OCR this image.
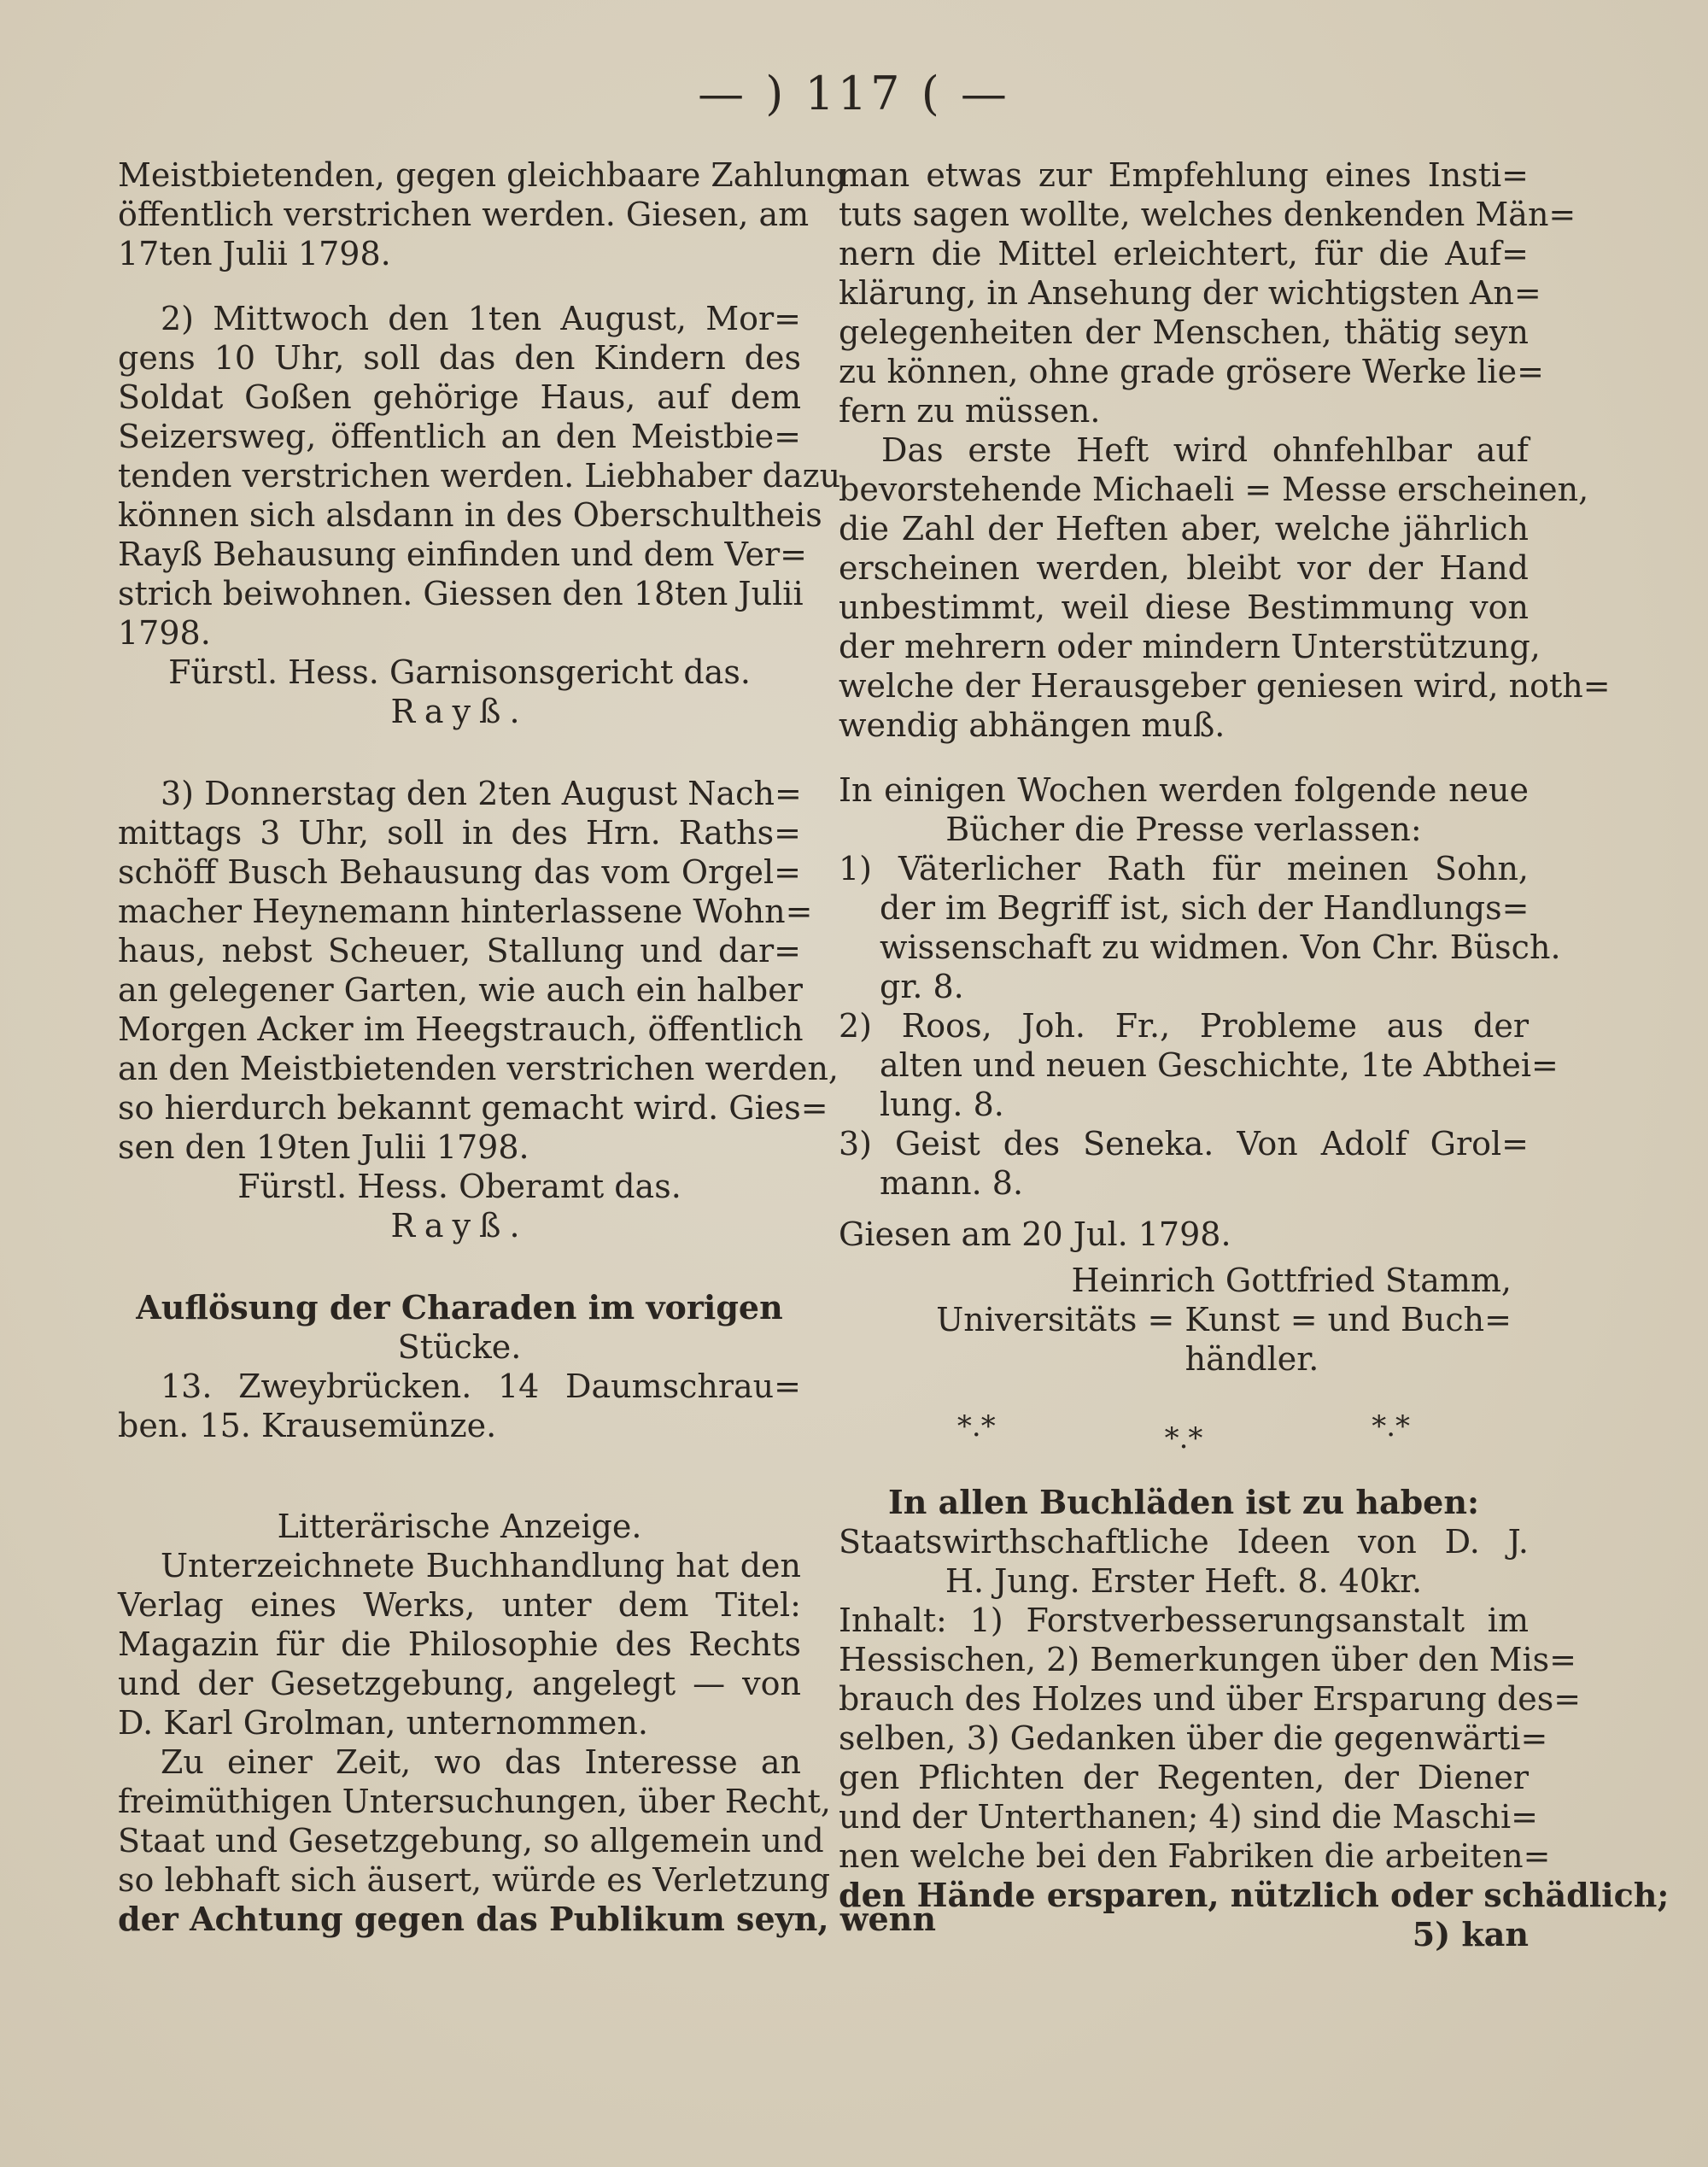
— ) 117 ( —
Meistbietenden, gegen gleichbaare Zahlung
öffentlich verstrichen werden. Giesen, am
17ten Julii 1798.
2) Mittwoch den 1ten August, Mor=
gens 10 Uhr, soll das den Kindern des
Soldat Goßen gehörige Haus, auf dem
Seizersweg, öffentlich an den Meistbie=
tenden verstrichen werden. Liebhaber dazu
können sich alsdann in des Oberschultheis
Rayß Behausung einfinden und dem Ver=
strich beiwohnen. Giessen den 18ten Julii
1798.
Fürstl. Hess. Garnisonsgericht das.
Rayß.
3) Donnerstag den 2ten August Nach=
mittags 3 Uhr, soll in des Hrn. Raths=
schöff Busch Behausung das vom Orgel=
macher Heynemann hinterlassene Wohn=
haus, nebst Scheuer, Stallung und dar=
an gelegener Garten, wie auch ein halber
Morgen Acker im Heegstrauch, öffentlich
an den Meistbietenden verstrichen werden,
so hierdurch bekannt gemacht wird. Gies=
sen den 19ten Julii 1798.
Fürstl. Hess. Oberamt das.
Rayß.
Auflösung der Charaden im vorigen
Stücke.
13. Zweybrücken. 14 Daumschrau=
ben. 15. Krausemünze.
Litterärische Anzeige.
Unterzeichnete Buchhandlung hat den
Verlag eines Werks, unter dem Titel:
Magazin für die Philosophie des Rechts
und der Gesetzgebung, angelegt — von
D. Karl Grolman, unternommen.
Zu einer Zeit, wo das Interesse an
freimüthigen Untersuchungen, über Recht,
Staat und Gesetzgebung, so allgemein und
so lebhaft sich äusert, würde es Verletzung
der Achtung gegen das Publikum seyn, wenn
man etwas zur Empfehlung eines Insti=
tuts sagen wollte, welches denkenden Män=
nern die Mittel erleichtert, für die Auf=
klärung, in Ansehung der wichtigsten An=
gelegenheiten der Menschen, thätig seyn
zu können, ohne grade grösere Werke lie=
fern zu müssen.
Das erste Heft wird ohnfehlbar auf
bevorstehende Michaeli = Messe erscheinen,
die Zahl der Heften aber, welche jährlich
erscheinen werden, bleibt vor der Hand
unbestimmt, weil diese Bestimmung von
der mehrern oder mindern Unterstützung,
welche der Herausgeber geniesen wird, noth=
wendig abhängen muß.
In einigen Wochen werden folgende neue
Bücher die Presse verlassen:
1) Väterlicher Rath für meinen Sohn,
der im Begriff ist, sich der Handlungs=
wissenschaft zu widmen. Von Chr. Büsch.
gr. 8.
2) Roos, Joh. Fr., Probleme aus der
alten und neuen Geschichte, 1te Abthei=
lung. 8.
3) Geist des Seneka. Von Adolf Grol=
mann. 8.
Giesen am 20 Jul. 1798.
Heinrich Gottfried Stamm,
Universitäts = Kunst = und Buch=
händler.
*.*	*.*	*.*
In allen Buchläden ist zu haben:
Staatswirthschaftliche Ideen von D. J.
H. Jung. Erster Heft. 8. 40kr.
Inhalt: 1) Forstverbesserungsanstalt im
Hessischen, 2) Bemerkungen über den Mis=
brauch des Holzes und über Ersparung des=
selben, 3) Gedanken über die gegenwärti=
gen Pflichten der Regenten, der Diener
und der Unterthanen; 4) sind die Maschi=
nen welche bei den Fabriken die arbeiten=
den Hände ersparen, nützlich oder schädlich;
5) kan
